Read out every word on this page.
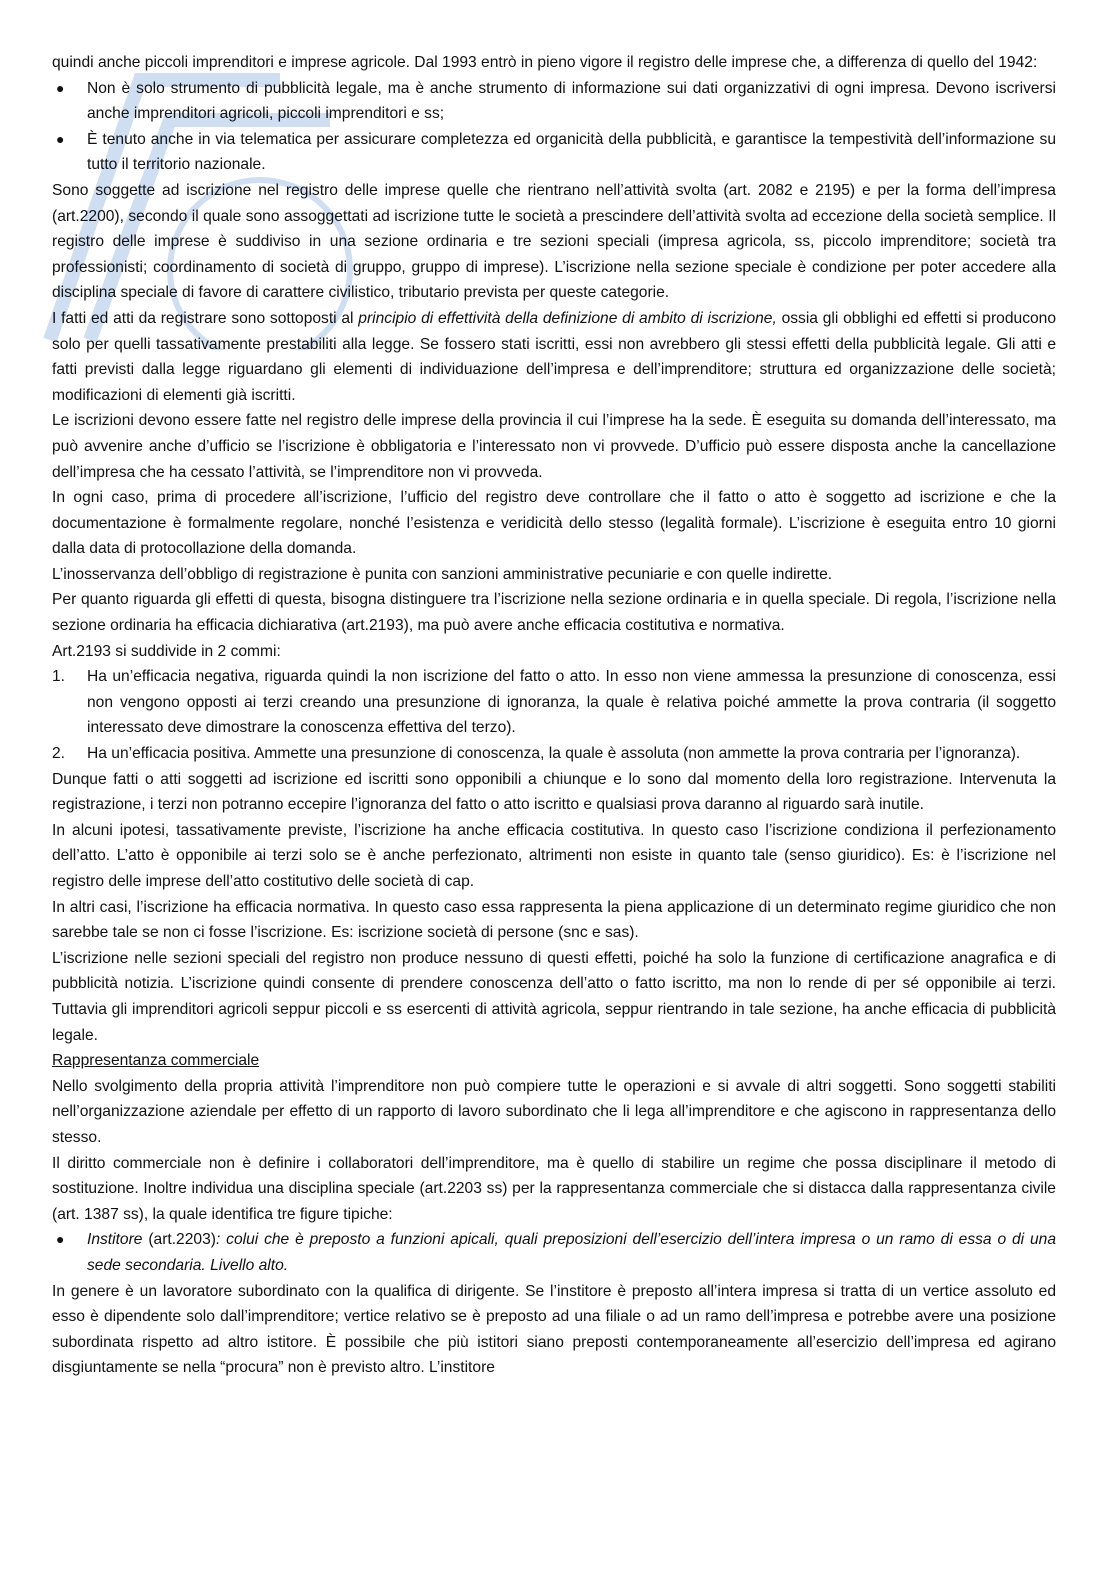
quindi anche piccoli imprenditori e imprese agricole. Dal 1993 entrò in pieno vigore il registro delle imprese che, a differenza di quello del 1942:

● Non è solo strumento di pubblicità legale, ma è anche strumento di informazione sui dati organizzativi di ogni impresa. Devono iscriversi anche imprenditori agricoli, piccoli imprenditori e ss;
● È tenuto anche in via telematica per assicurare completezza ed organicità della pubblicità, e garantisce la tempestività dell’informazione su tutto il territorio nazionale.

Sono soggette ad iscrizione nel registro delle imprese quelle che rientrano nell’attività svolta (art. 2082 e 2195) e per la forma dell’impresa (art.2200), secondo il quale sono assoggettati ad iscrizione tutte le società a prescindere dell’attività svolta ad eccezione della società semplice. Il registro delle imprese è suddiviso in una sezione ordinaria e tre sezioni speciali (impresa agricola, ss, piccolo imprenditore; società tra professionisti; coordinamento di società di gruppo, gruppo di imprese). L’iscrizione nella sezione speciale è condizione per poter accedere alla disciplina speciale di favore di carattere civilistico, tributario prevista per queste categorie.

I fatti ed atti da registrare sono sottoposti al principio di effettività della definizione di ambito di iscrizione, ossia gli obblighi ed effetti si producono solo per quelli tassativamente prestabiliti alla legge. Se fossero stati iscritti, essi non avrebbero gli stessi effetti della pubblicità legale. Gli atti e fatti previsti dalla legge riguardano gli elementi di individuazione dell’impresa e dell’imprenditore; struttura ed organizzazione delle società; modificazioni di elementi già iscritti.

Le iscrizioni devono essere fatte nel registro delle imprese della provincia il cui l’imprese ha la sede. È eseguita su domanda dell’interessato, ma può avvenire anche d’ufficio se l’iscrizione è obbligatoria e l’interessato non vi provvede. D’ufficio può essere disposta anche la cancellazione dell’impresa che ha cessato l’attività, se l’imprenditore non vi provveda.

In ogni caso, prima di procedere all’iscrizione, l’ufficio del registro deve controllare che il fatto o atto è soggetto ad iscrizione e che la documentazione è formalmente regolare, nonché l’esistenza e veridicità dello stesso (legalità formale). L’iscrizione è eseguita entro 10 giorni dalla data di protocollazione della domanda.

L’inosservanza dell’obbligo di registrazione è punita con sanzioni amministrative pecuniarie e con quelle indirette.

Per quanto riguarda gli effetti di questa, bisogna distinguere tra l’iscrizione nella sezione ordinaria e in quella speciale. Di regola, l’iscrizione nella sezione ordinaria ha efficacia dichiarativa (art.2193), ma può avere anche efficacia costitutiva e normativa.

Art.2193 si suddivide in 2 commi:

1. Ha un’efficacia negativa, riguarda quindi la non iscrizione del fatto o atto. In esso non viene ammessa la presunzione di conoscenza, essi non vengono opposti ai terzi creando una presunzione di ignoranza, la quale è relativa poiché ammette la prova contraria (il soggetto interessato deve dimostrare la conoscenza effettiva del terzo).
2. Ha un’efficacia positiva. Ammette una presunzione di conoscenza, la quale è assoluta (non ammette la prova contraria per l’ignoranza).

Dunque fatti o atti soggetti ad iscrizione ed iscritti sono opponibili a chiunque e lo sono dal momento della loro registrazione. Intervenuta la registrazione, i terzi non potranno eccepire l’ignoranza del fatto o atto iscritto e qualsiasi prova daranno al riguardo sarà inutile.

In alcuni ipotesi, tassativamente previste, l’iscrizione ha anche efficacia costitutiva. In questo caso l’iscrizione condiziona il perfezionamento dell’atto. L’atto è opponibile ai terzi solo se è anche perfezionato, altrimenti non esiste in quanto tale (senso giuridico). Es: è l’iscrizione nel registro delle imprese dell’atto costitutivo delle società di cap.

In altri casi, l’iscrizione ha efficacia normativa. In questo caso essa rappresenta la piena applicazione di un determinato regime giuridico che non sarebbe tale se non ci fosse l’iscrizione. Es: iscrizione società di persone (snc e sas).

L’iscrizione nelle sezioni speciali del registro non produce nessuno di questi effetti, poiché ha solo la funzione di certificazione anagrafica e di pubblicità notizia. L’iscrizione quindi consente di prendere conoscenza dell’atto o fatto iscritto, ma non lo rende di per sé opponibile ai terzi. Tuttavia gli imprenditori agricoli seppur piccoli e ss esercenti di attività agricola, seppur rientrando in tale sezione, ha anche efficacia di pubblicità legale.

Rappresentanza commerciale

Nello svolgimento della propria attività l’imprenditore non può compiere tutte le operazioni e si avvale di altri soggetti. Sono soggetti stabiliti nell’organizzazione aziendale per effetto di un rapporto di lavoro subordinato che li lega all’imprenditore e che agiscono in rappresentanza dello stesso.

Il diritto commerciale non è definire i collaboratori dell’imprenditore, ma è quello di stabilire un regime che possa disciplinare il metodo di sostituzione. Inoltre individua una disciplina speciale (art.2203 ss) per la rappresentanza commerciale che si distacca dalla rappresentanza civile (art. 1387 ss), la quale identifica tre figure tipiche:

● Institore (art.2203): colui che è preposto a funzioni apicali, quali preposizioni dell’esercizio dell’intera impresa o un ramo di essa o di una sede secondaria. Livello alto.

In genere è un lavoratore subordinato con la qualifica di dirigente. Se l’institore è preposto all’intera impresa si tratta di un vertice assoluto ed esso è dipendente solo dall’imprenditore; vertice relativo se è preposto ad una filiale o ad un ramo dell’impresa e potrebbe avere una posizione subordinata rispetto ad altro istitore. È possibile che più istitori siano preposti contemporaneamente all’esercizio dell’impresa ed agirano disgiuntamente se nella “procura” non è previsto altro. L’institore
